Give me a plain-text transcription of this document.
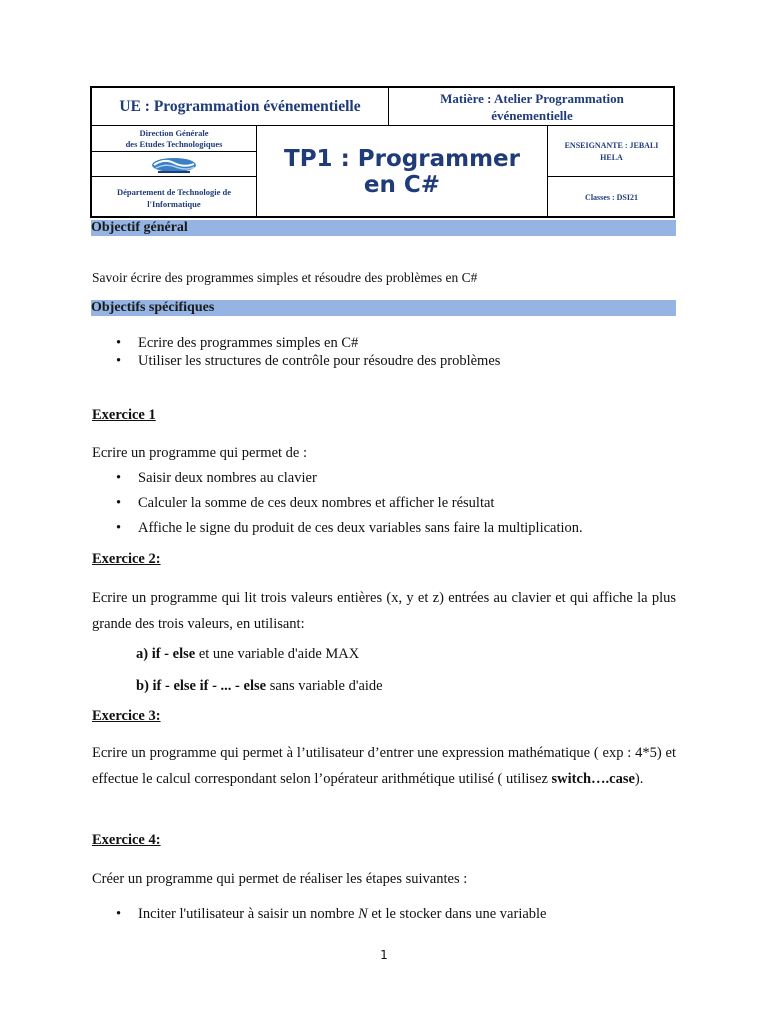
UE : Programmation événementielle	Matière : Atelier Programmation
événementielle
Direction Générale
des Etudes Technologiques
Département de Technologie de
l'Informatique
TP1 : Programmer
en C#
ENSEIGNANTE : JEBALI
HELA
Classes : DSI21
Objectif général
Savoir écrire des programmes simples et résoudre des problèmes en C#
Objectifs spécifiques
• Ecrire des programmes simples en C#
• Utiliser les structures de contrôle pour résoudre des problèmes
Exercice 1
Ecrire un programme qui permet de :
• Saisir deux nombres au clavier
• Calculer la somme de ces deux nombres et afficher le résultat
• Affiche le signe du produit de ces deux variables sans faire la multiplication.
Exercice 2:
Ecrire un programme qui lit trois valeurs entières (x, y et z) entrées au clavier et qui affiche la plus grande des trois valeurs, en utilisant:
a) if - else et une variable d'aide MAX
b) if - else if - ... - else sans variable d'aide
Exercice 3:
Ecrire un programme qui permet à l’utilisateur d’entrer une expression mathématique ( exp : 4*5) et effectue le calcul correspondant selon l’opérateur arithmétique utilisé ( utilisez switch….case).
Exercice 4:
Créer un programme qui permet de réaliser les étapes suivantes :
• Inciter l'utilisateur à saisir un nombre N et le stocker dans une variable
1
